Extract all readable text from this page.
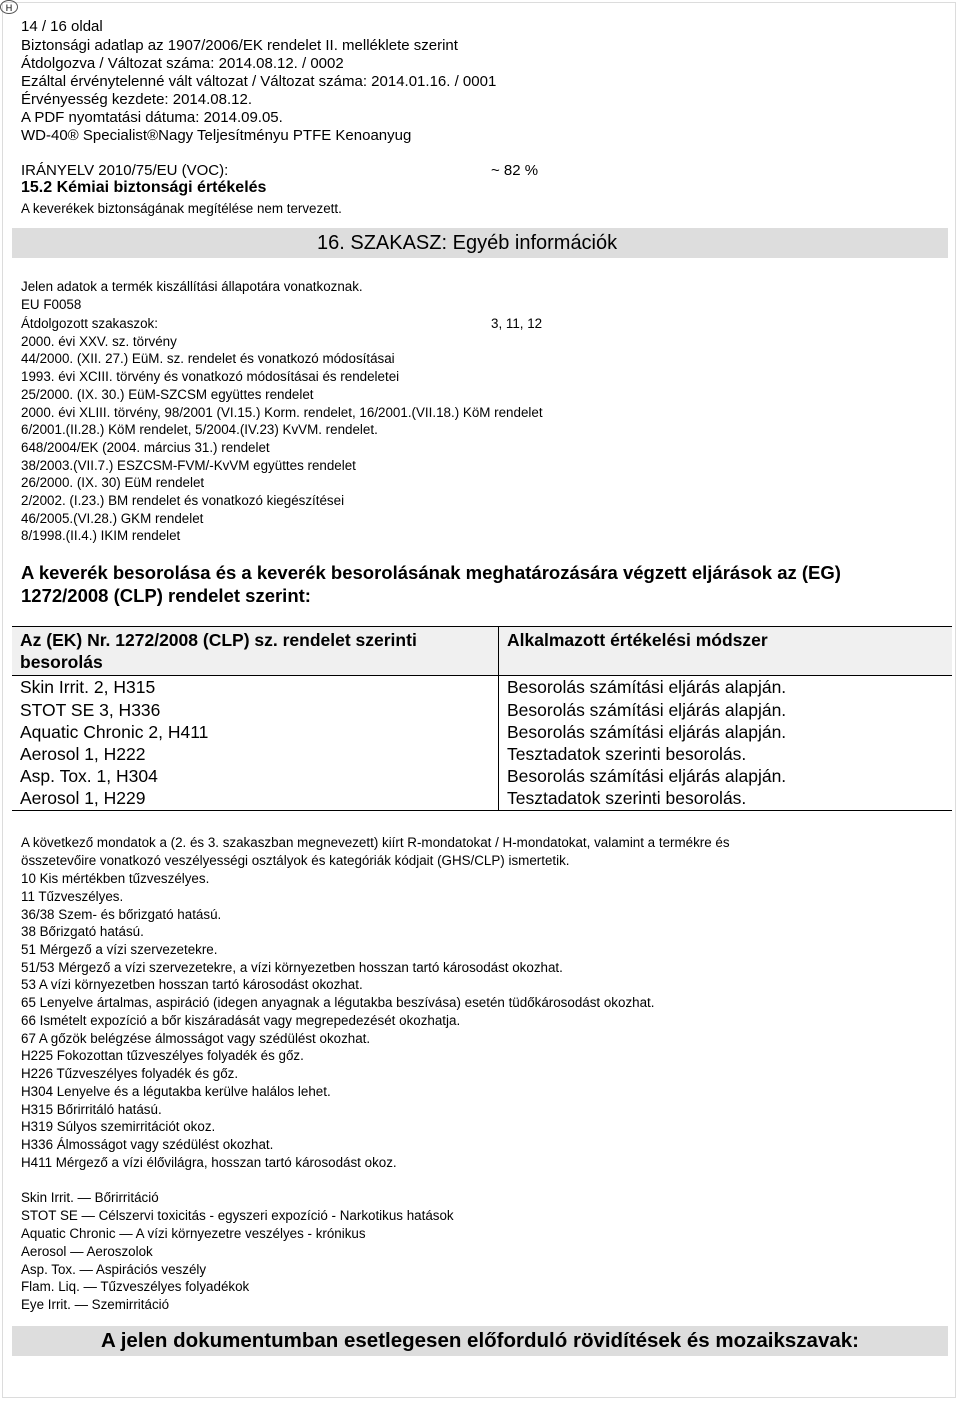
H
14 / 16 oldal
Biztonsági adatlap az 1907/2006/EK rendelet II. melléklete szerint
Átdolgozva / Változat száma: 2014.08.12. / 0002
Ezáltal érvénytelenné vált változat / Változat száma: 2014.01.16. / 0001
Érvényesség kezdete: 2014.08.12.
A PDF nyomtatási dátuma: 2014.09.05.
WD-40® Specialist®Nagy Teljesítményu PTFE Kenoanyug
IRÁNYELV 2010/75/EU (VOC):	~ 82 %
15.2 Kémiai biztonsági értékelés
A keverékek biztonságának megítélése nem tervezett.
16. SZAKASZ: Egyéb információk
Jelen adatok a termék kiszállítási állapotára vonatkoznak.
EU F0058
Átdolgozott szakaszok:	3, 11, 12
2000. évi XXV. sz. törvény
44/2000. (XII. 27.) EüM. sz. rendelet és vonatkozó módosításai
1993. évi XCIII. törvény és vonatkozó módosításai és rendeletei
25/2000. (IX. 30.) EüM-SZCSM együttes rendelet
2000. évi XLIII. törvény, 98/2001 (VI.15.) Korm. rendelet, 16/2001.(VII.18.) KöM rendelet
6/2001.(II.28.) KöM rendelet, 5/2004.(IV.23) KvVM. rendelet.
648/2004/EK (2004. március 31.) rendelet
38/2003.(VII.7.) ESZCSM-FVM/-KvVM együttes rendelet
26/2000. (IX. 30) EüM rendelet
2/2002. (I.23.) BM rendelet és vonatkozó kiegészítései
46/2005.(VI.28.) GKM rendelet
8/1998.(II.4.) IKIM rendelet
A keverék besorolása és a keverék besorolásának meghatározására végzett eljárások az (EG)
1272/2008 (CLP) rendelet szerint:
Az (EK) Nr. 1272/2008 (CLP) sz. rendelet szerinti besorolás	Alkalmazott értékelési módszer
Skin Irrit. 2, H315	Besorolás számítási eljárás alapján.
STOT SE 3, H336	Besorolás számítási eljárás alapján.
Aquatic Chronic 2, H411	Besorolás számítási eljárás alapján.
Aerosol 1, H222	Tesztadatok szerinti besorolás.
Asp. Tox. 1, H304	Besorolás számítási eljárás alapján.
Aerosol 1, H229	Tesztadatok szerinti besorolás.
A következő mondatok a (2. és 3. szakaszban megnevezett) kiírt R-mondatokat / H-mondatokat, valamint a termékre és
összetevőire vonatkozó veszélyességi osztályok és kategóriák kódjait (GHS/CLP) ismertetik.
10 Kis mértékben tűzveszélyes.
11 Tűzveszélyes.
36/38 Szem- és bőrizgató hatású.
38 Bőrizgató hatású.
51 Mérgező a vízi szervezetekre.
51/53 Mérgező a vízi szervezetekre, a vízi környezetben hosszan tartó károsodást okozhat.
53 A vízi környezetben hosszan tartó károsodást okozhat.
65 Lenyelve ártalmas, aspiráció (idegen anyagnak a légutakba beszívása) esetén tüdőkárosodást okozhat.
66 Ismételt expozíció a bőr kiszáradását vagy megrepedezését okozhatja.
67 A gőzök belégzése álmosságot vagy szédülést okozhat.
H225 Fokozottan tűzveszélyes folyadék és gőz.
H226 Tűzveszélyes folyadék és gőz.
H304 Lenyelve és a légutakba kerülve halálos lehet.
H315 Bőrirritáló hatású.
H319 Súlyos szemirritációt okoz.
H336 Álmosságot vagy szédülést okozhat.
H411 Mérgező a vízi élővilágra, hosszan tartó károsodást okoz.
Skin Irrit. — Bőrirritáció
STOT SE — Célszervi toxicitás - egyszeri expozíció - Narkotikus hatások
Aquatic Chronic — A vízi környezetre veszélyes - krónikus
Aerosol — Aeroszolok
Asp. Tox. — Aspirációs veszély
Flam. Liq. — Tűzveszélyes folyadékok
Eye Irrit. — Szemirritáció
A jelen dokumentumban esetlegesen előforduló rövidítések és mozaikszavak:
